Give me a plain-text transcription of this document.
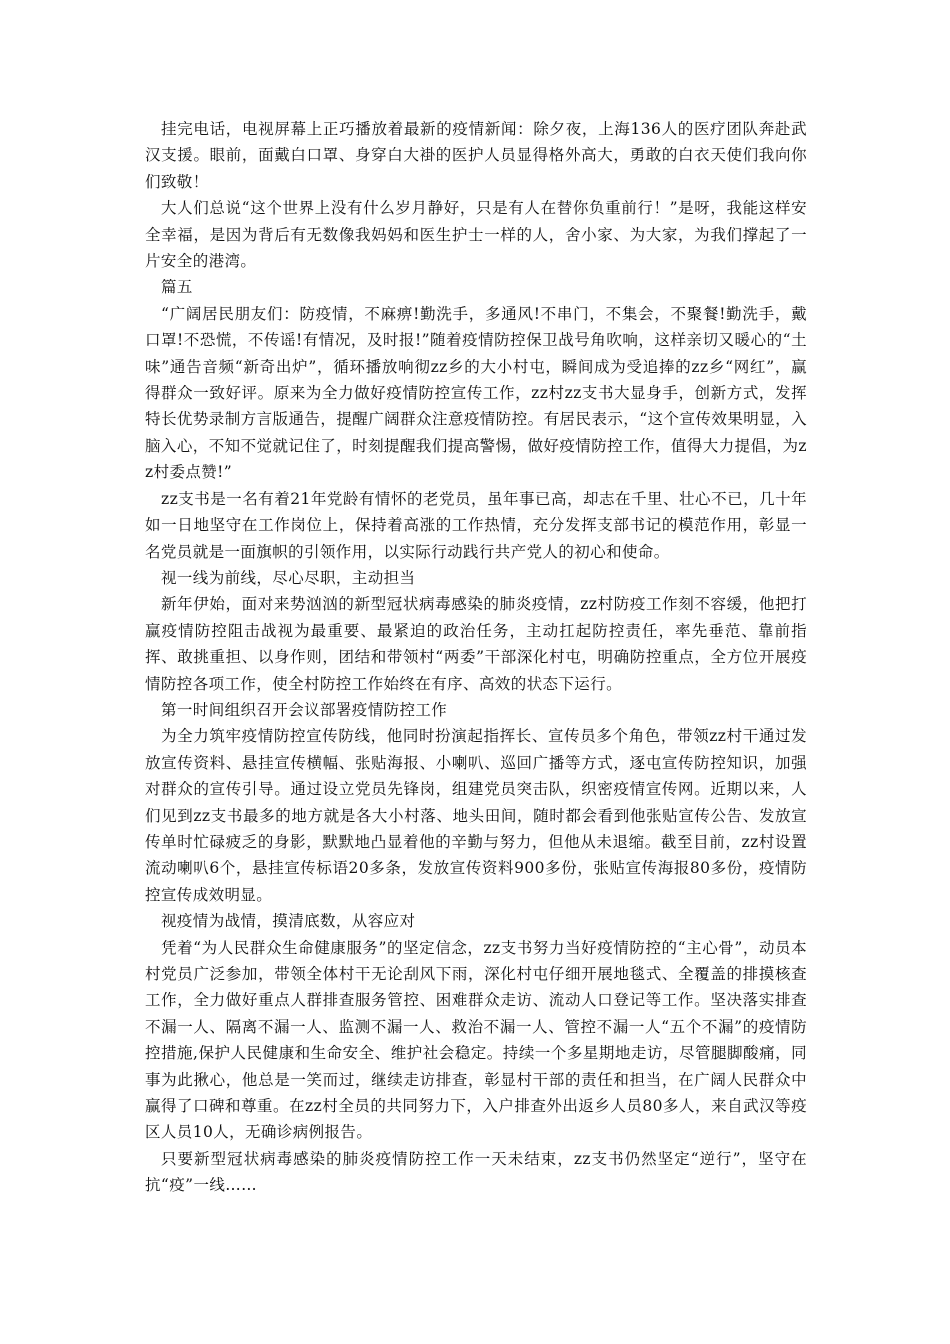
挂完电话，电视屏幕上正巧播放着最新的疫情新闻：除夕夜，上海136人的医疗团队奔赴武汉支援。眼前，面戴白口罩、身穿白大褂的医护人员显得格外高大，勇敢的白衣天使们我向你们致敬！

大人们总说“这个世界上没有什么岁月静好，只是有人在替你负重前行！”是呀，我能这样安全幸福，是因为背后有无数像我妈妈和医生护士一样的人，舍小家、为大家，为我们撑起了一片安全的港湾。

篇五

“广阔居民朋友们：防疫情，不麻痹!勤洗手，多通风!不串门，不集会，不聚餐!勤洗手，戴口罩!不恐慌，不传谣!有情况，及时报!”随着疫情防控保卫战号角吹响，这样亲切又暖心的“土味”通告音频“新奇出炉”，循环播放响彻zz乡的大小村屯，瞬间成为受追捧的zz乡“网红”，赢得群众一致好评。原来为全力做好疫情防控宣传工作，zz村zz支书大显身手，创新方式，发挥特长优势录制方言版通告，提醒广阔群众注意疫情防控。有居民表示，“这个宣传效果明显，入脑入心，不知不觉就记住了，时刻提醒我们提高警惕，做好疫情防控工作，值得大力提倡，为zz村委点赞!”

zz支书是一名有着21年党龄有情怀的老党员，虽年事已高，却志在千里、壮心不已，几十年如一日地坚守在工作岗位上，保持着高涨的工作热情，充分发挥支部书记的模范作用，彰显一名党员就是一面旗帜的引领作用，以实际行动践行共产党人的初心和使命。

视一线为前线，尽心尽职，主动担当

新年伊始，面对来势汹汹的新型冠状病毒感染的肺炎疫情，zz村防疫工作刻不容缓，他把打赢疫情防控阻击战视为最重要、最紧迫的政治任务，主动扛起防控责任，率先垂范、靠前指挥、敢挑重担、以身作则，团结和带领村“两委”干部深化村屯，明确防控重点，全方位开展疫情防控各项工作，使全村防控工作始终在有序、高效的状态下运行。

第一时间组织召开会议部署疫情防控工作

为全力筑牢疫情防控宣传防线，他同时扮演起指挥长、宣传员多个角色，带领zz村干通过发放宣传资料、悬挂宣传横幅、张贴海报、小喇叭、巡回广播等方式，逐屯宣传防控知识，加强对群众的宣传引导。通过设立党员先锋岗，组建党员突击队，织密疫情宣传网。近期以来，人们见到zz支书最多的地方就是各大小村落、地头田间，随时都会看到他张贴宣传公告、发放宣传单时忙碌疲乏的身影，默默地凸显着他的辛勤与努力，但他从未退缩。截至目前，zz村设置流动喇叭6个，悬挂宣传标语20多条，发放宣传资料900多份，张贴宣传海报80多份，疫情防控宣传成效明显。

视疫情为战情，摸清底数，从容应对

凭着“为人民群众生命健康服务”的坚定信念，zz支书努力当好疫情防控的“主心骨”，动员本村党员广泛参加，带领全体村干无论刮风下雨，深化村屯仔细开展地毯式、全覆盖的排摸核查工作，全力做好重点人群排查服务管控、困难群众走访、流动人口登记等工作。坚决落实排查不漏一人、隔离不漏一人、监测不漏一人、救治不漏一人、管控不漏一人“五个不漏”的疫情防控措施,保护人民健康和生命安全、维护社会稳定。持续一个多星期地走访，尽管腿脚酸痛，同事为此揪心，他总是一笑而过，继续走访排查，彰显村干部的责任和担当，在广阔人民群众中赢得了口碑和尊重。在zz村全员的共同努力下，入户排查外出返乡人员80多人，来自武汉等疫区人员10人，无确诊病例报告。

只要新型冠状病毒感染的肺炎疫情防控工作一天未结束，zz支书仍然坚定“逆行”，坚守在抗“疫”一线……
